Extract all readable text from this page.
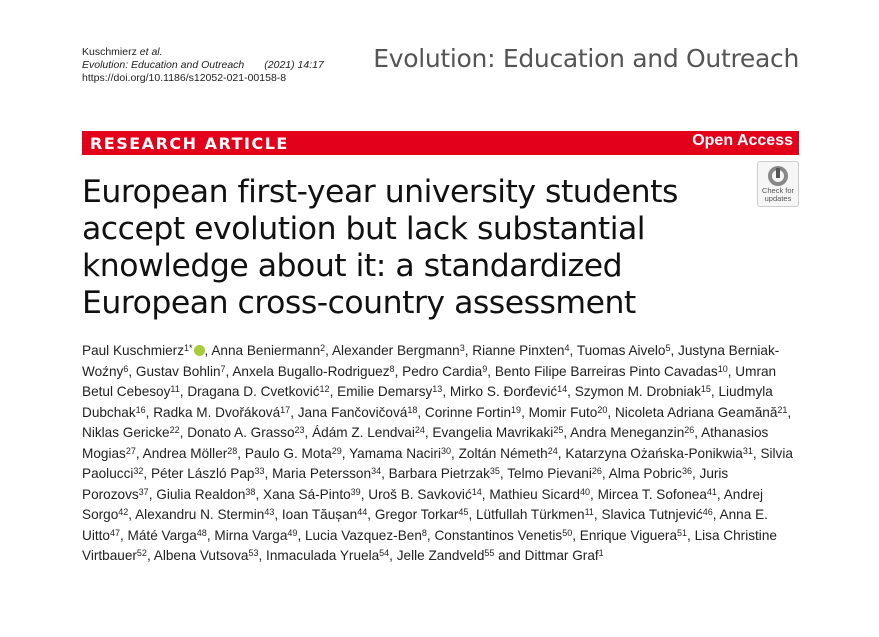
Kuschmierz et al.
Evolution: Education and Outreach (2021) 14:17
https://doi.org/10.1186/s12052-021-00158-8
Evolution: Education and Outreach
RESEARCH ARTICLE	Open Access
Check for
updates
European first-year university students accept evolution but lack substantial knowledge about it: a standardized European cross-country assessment
Paul Kuschmierz$^{1*}$ , Anna Beniermann$^2$, Alexander Bergmann$^3$, Rianne Pinxten$^4$, Tuomas Aivelo$^5$, Justyna Berniak-Woźny$^6$, Gustav Bohlin$^7$, Anxela Bugallo-Rodriguez$^8$, Pedro Cardia$^9$, Bento Filipe Barreiras Pinto Cavadas$^{10}$, Umran Betul Cebesoy$^{11}$, Dragana D. Cvetković$^{12}$, Emilie Demarsy$^{13}$, Mirko S. Đorđević$^{14}$, Szymon M. Drobniak$^{15}$, Liudmyla Dubchak$^{16}$, Radka M. Dvořáková$^{17}$, Jana Fančovičová$^{18}$, Corinne Fortin$^{19}$, Momir Futo$^{20}$, Nicoleta Adriana Geamănă$^{21}$, Niklas Gericke$^{22}$, Donato A. Grasso$^{23}$, Ádám Z. Lendvai$^{24}$, Evangelia Mavrikaki$^{25}$, Andra Meneganzin$^{26}$, Athanasios Mogias$^{27}$, Andrea Möller$^{28}$, Paulo G. Mota$^{29}$, Yamama Naciri$^{30}$, Zoltán Németh$^{24}$, Katarzyna Ożańska-Ponikwia$^{31}$, Silvia Paolucci$^{32}$, Péter László Pap$^{33}$, Maria Petersson$^{34}$, Barbara Pietrzak$^{35}$, Telmo Pievani$^{26}$, Alma Pobric$^{36}$, Juris Porozovs$^{37}$, Giulia Realdon$^{38}$, Xana Sá-Pinto$^{39}$, Uroš B. Savković$^{14}$, Mathieu Sicard$^{40}$, Mircea T. Sofonea$^{41}$, Andrej Sorgo$^{42}$, Alexandru N. Stermin$^{43}$, Ioan Tăușan$^{44}$, Gregor Torkar$^{45}$, Lütfullah Türkmen$^{11}$, Slavica Tutnjević$^{46}$, Anna E. Uitto$^{47}$, Máté Varga$^{48}$, Mirna Varga$^{49}$, Lucia Vazquez-Ben$^8$, Constantinos Venetis$^{50}$, Enrique Viguera$^{51}$, Lisa Christine Virtbauer$^{52}$, Albena Vutsova$^{53}$, Inmaculada Yruela$^{54}$, Jelle Zandveld$^{55}$ and Dittmar Graf$^1$
